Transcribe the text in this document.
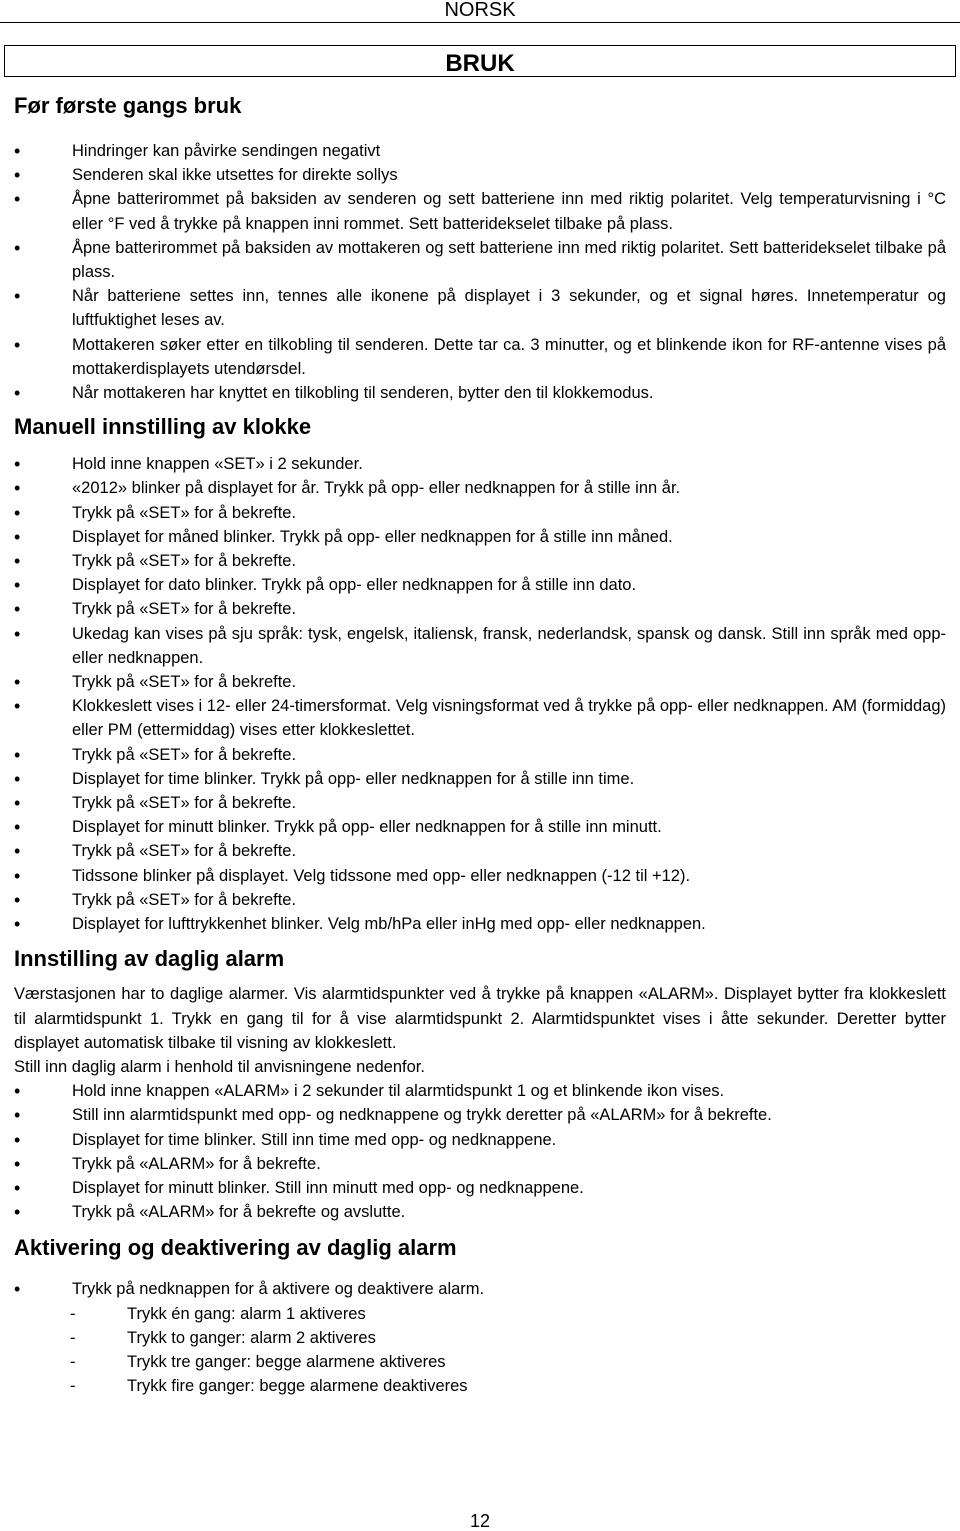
NORSK
BRUK
Før første gangs bruk
• Hindringer kan påvirke sendingen negativt
• Senderen skal ikke utsettes for direkte sollys
• Åpne batterirommet på baksiden av senderen og sett batteriene inn med riktig polaritet. Velg temperaturvisning i °C eller °F ved å trykke på knappen inni rommet. Sett batteridekselet tilbake på plass.
• Åpne batterirommet på baksiden av mottakeren og sett batteriene inn med riktig polaritet. Sett batteridekselet tilbake på plass.
• Når batteriene settes inn, tennes alle ikonene på displayet i 3 sekunder, og et signal høres. Innetemperatur og luftfuktighet leses av.
• Mottakeren søker etter en tilkobling til senderen. Dette tar ca. 3 minutter, og et blinkende ikon for RF-antenne vises på mottakerdisplayets utendørsdel.
• Når mottakeren har knyttet en tilkobling til senderen, bytter den til klokkemodus.
Manuell innstilling av klokke
• Hold inne knappen «SET» i 2 sekunder.
• «2012» blinker på displayet for år. Trykk på opp- eller nedknappen for å stille inn år.
• Trykk på «SET» for å bekrefte.
• Displayet for måned blinker. Trykk på opp- eller nedknappen for å stille inn måned.
• Trykk på «SET» for å bekrefte.
• Displayet for dato blinker. Trykk på opp- eller nedknappen for å stille inn dato.
• Trykk på «SET» for å bekrefte.
• Ukedag kan vises på sju språk: tysk, engelsk, italiensk, fransk, nederlandsk, spansk og dansk. Still inn språk med opp- eller nedknappen.
• Trykk på «SET» for å bekrefte.
• Klokkeslett vises i 12- eller 24-timersformat. Velg visningsformat ved å trykke på opp- eller nedknappen. AM (formiddag) eller PM (ettermiddag) vises etter klokkeslettet.
• Trykk på «SET» for å bekrefte.
• Displayet for time blinker. Trykk på opp- eller nedknappen for å stille inn time.
• Trykk på «SET» for å bekrefte.
• Displayet for minutt blinker. Trykk på opp- eller nedknappen for å stille inn minutt.
• Trykk på «SET» for å bekrefte.
• Tidssone blinker på displayet. Velg tidssone med opp- eller nedknappen (-12 til +12).
• Trykk på «SET» for å bekrefte.
• Displayet for lufttrykkenhet blinker. Velg mb/hPa eller inHg med opp- eller nedknappen.
Innstilling av daglig alarm

Værstasjonen har to daglige alarmer. Vis alarmtidspunkter ved å trykke på knappen «ALARM». Displayet bytter fra klokkeslett til alarmtidspunkt 1. Trykk en gang til for å vise alarmtidspunkt 2. Alarmtidspunktet vises i åtte sekunder. Deretter bytter displayet automatisk tilbake til visning av klokkeslett.

Still inn daglig alarm i henhold til anvisningene nedenfor.

• Hold inne knappen «ALARM» i 2 sekunder til alarmtidspunkt 1 og et blinkende ikon vises.
• Still inn alarmtidspunkt med opp- og nedknappene og trykk deretter på «ALARM» for å bekrefte.
• Displayet for time blinker. Still inn time med opp- og nedknappene.
• Trykk på «ALARM» for å bekrefte.
• Displayet for minutt blinker. Still inn minutt med opp- og nedknappene.
• Trykk på «ALARM» for å bekrefte og avslutte.
Aktivering og deaktivering av daglig alarm
• Trykk på nedknappen for å aktivere og deaktivere alarm.
- Trykk én gang: alarm 1 aktiveres
- Trykk to ganger: alarm 2 aktiveres
- Trykk tre ganger: begge alarmene aktiveres
- Trykk fire ganger: begge alarmene deaktiveres
12
